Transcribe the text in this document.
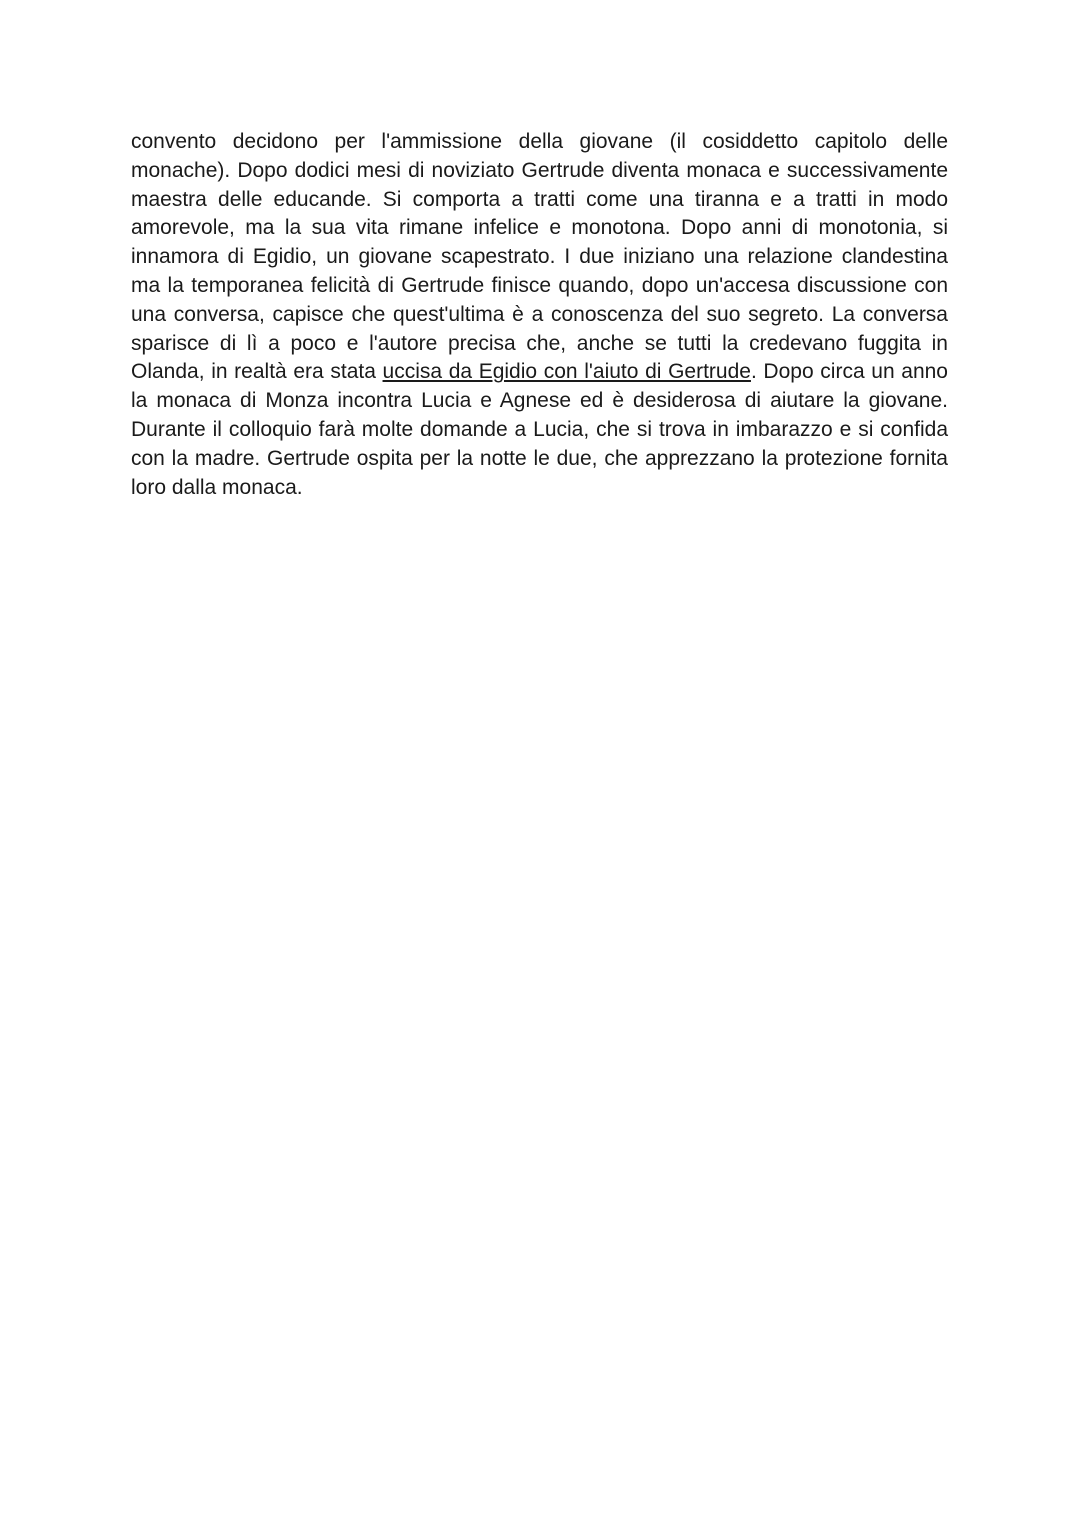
convento decidono per l'ammissione della giovane (il cosiddetto capitolo delle monache). Dopo dodici mesi di noviziato Gertrude diventa monaca e successivamente maestra delle educande. Si comporta a tratti come una tiranna e a tratti in modo amorevole, ma la sua vita rimane infelice e monotona. Dopo anni di monotonia, si innamora di Egidio, un giovane scapestrato. I due iniziano una relazione clandestina ma la temporanea felicità di Gertrude finisce quando, dopo un'accesa discussione con una conversa, capisce che quest'ultima è a conoscenza del suo segreto. La conversa sparisce di lì a poco e l'autore precisa che, anche se tutti la credevano fuggita in Olanda, in realtà era stata uccisa da Egidio con l'aiuto di Gertrude. Dopo circa un anno la monaca di Monza incontra Lucia e Agnese ed è desiderosa di aiutare la giovane. Durante il colloquio farà molte domande a Lucia, che si trova in imbarazzo e si confida con la madre. Gertrude ospita per la notte le due, che apprezzano la protezione fornita loro dalla monaca.
